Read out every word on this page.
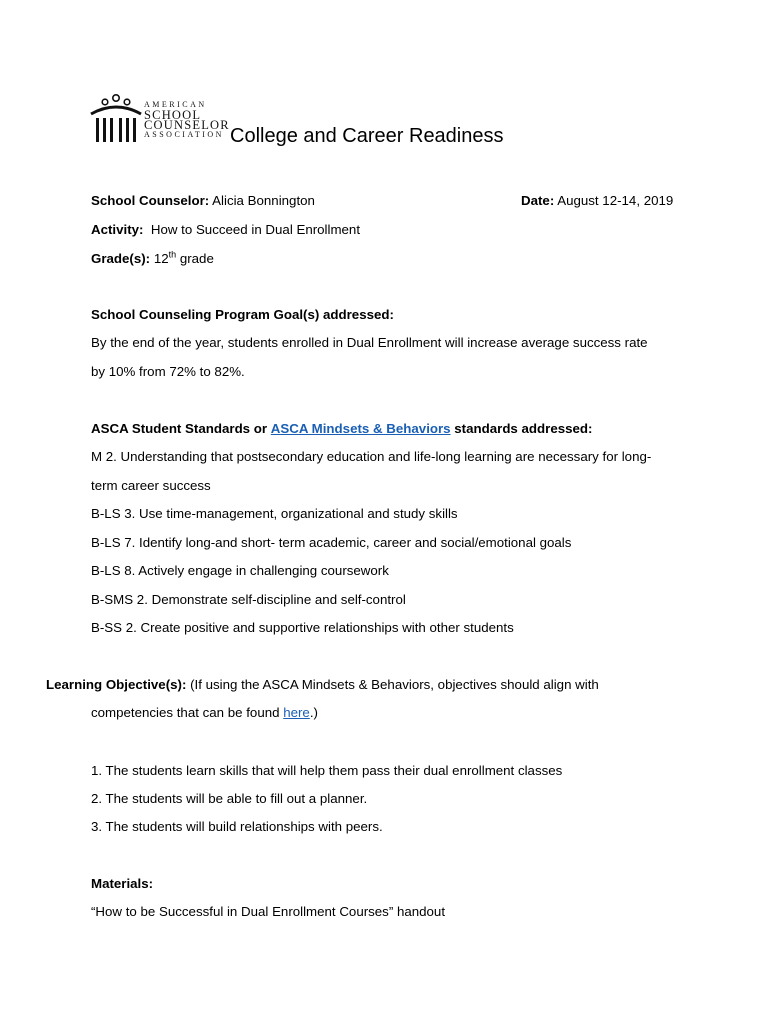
AMERICAN
SCHOOL
COUNSELOR
ASSOCIATION College and Career Readiness
School Counselor: Alicia Bonnington	Date: August 12-14, 2019
Activity: How to Succeed in Dual Enrollment
Grade(s): 12th grade
School Counseling Program Goal(s) addressed:
By the end of the year, students enrolled in Dual Enrollment will increase average success rate
by 10% from 72% to 82%.
ASCA Student Standards or ASCA Mindsets & Behaviors standards addressed:
M 2. Understanding that postsecondary education and life-long learning are necessary for long-
term career success
B-LS 3. Use time-management, organizational and study skills
B-LS 7. Identify long-and short- term academic, career and social/emotional goals
B-LS 8. Actively engage in challenging coursework
B-SMS 2. Demonstrate self-discipline and self-control
B-SS 2. Create positive and supportive relationships with other students
Learning Objective(s): (If using the ASCA Mindsets & Behaviors, objectives should align with
competencies that can be found here.)
1. The students learn skills that will help them pass their dual enrollment classes
2. The students will be able to fill out a planner.
3. The students will build relationships with peers.
Materials:
“How to be Successful in Dual Enrollment Courses” handout
